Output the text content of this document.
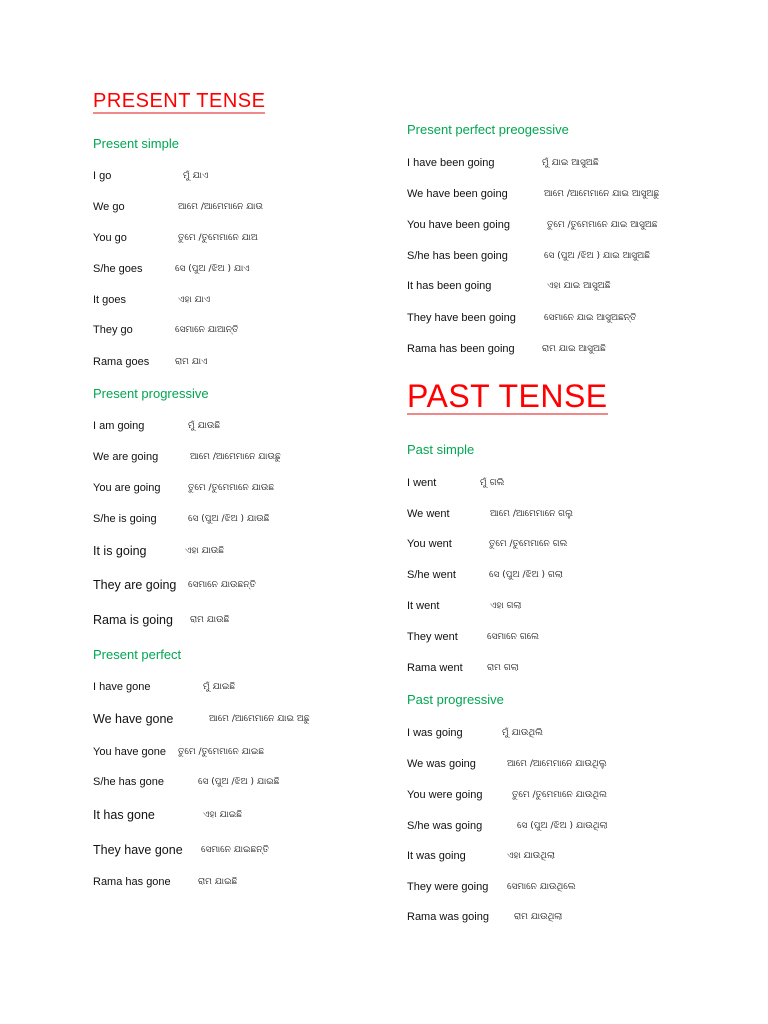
PRESENT TENSE
Present simple
I go	ମୁଁ ଯାଏ
We go	ଆମେ /ଆମେମାନେ ଯାଉ
You go	ତୁମେ /ତୁମେମାନେ ଯାଅ
S/he goes	ସେ (ପୁଅ /ଝିଅ ) ଯାଏ
It goes	ଏହା ଯାଏ
They go	ସେମାନେ ଯାଆନ୍ତି
Rama goes	ରାମ ଯାଏ
Present progressive
I am going	ମୁଁ ଯାଉଛି
We are going	ଆମେ /ଆମେମାନେ ଯାଉଛୁ
You are going	ତୁମେ /ତୁମେମାନେ ଯାଉଛ
S/he is going	ସେ (ପୁଅ /ଝିଅ ) ଯାଉଛି
It is going	ଏହା ଯାଉଛି
They are going ସେମାନେ ଯାଉଛନ୍ତି
Rama is going ରାମ ଯାଉଛି
Present perfect
I have gone	ମୁଁ ଯାଇଛି
We have gone	ଆମେ /ଆମେମାନେ ଯାଇ ଅଛୁ
You have gone ତୁମେ /ତୁମେମାନେ ଯାଇଛ
S/he has gone	ସେ (ପୁଅ /ଝିଅ ) ଯାଇଛି
It has gone	ଏହା ଯାଇଛି
They have gone ସେମାନେ ଯାଇଛନ୍ତି
Rama has gone	ରାମ ଯାଇଛି
Present perfect preogessive
I have been going	ମୁଁ ଯାଇ ଆସୁଅଛି
We have been going	ଆମେ /ଆମେମାନେ ଯାଇ ଆସୁଅଛୁ
You have been going	ତୁମେ /ତୁମେମାନେ ଯାଇ ଆସୁଅଛ
S/he has been going	ସେ (ପୁଅ /ଝିଅ ) ଯାଇ ଆସୁଅଛି
It has been going	ଏହା ଯାଇ ଆସୁଅଛି
They have been going	ସେମାନେ ଯାଇ ଆସୁଅଛନ୍ତି
Rama has been going	ରାମ ଯାଇ ଆସୁଅଛି
PAST TENSE
Past simple
I went	ମୁଁ ଗଲି
We went	ଆମେ /ଆମେମାନେ ଗଲୁ
You went	ତୁମେ /ତୁମେମାନେ ଗଲ
S/he went	ସେ (ପୁଅ /ଝିଅ ) ଗଲା
It went	ଏହା ଗଲା
They went	ସେମାନେ ଗଲେ
Rama went	ରାମ ଗଲା
Past progressive
I was going	ମୁଁ ଯାଉଥିଲି
We was going	ଆମେ /ଆମେମାନେ ଯାଉଥିଲୁ
You were going	ତୁମେ /ତୁମେମାନେ ଯାଉଥିଲ
S/he was going	ସେ (ପୁଅ /ଝିଅ ) ଯାଉଥିଲା
It was going	ଏହା ଯାଉଥିଲା
They were going ସେମାନେ ଯାଉଥିଲେ
Rama was going	ରାମ ଯାଉଥିଲା
